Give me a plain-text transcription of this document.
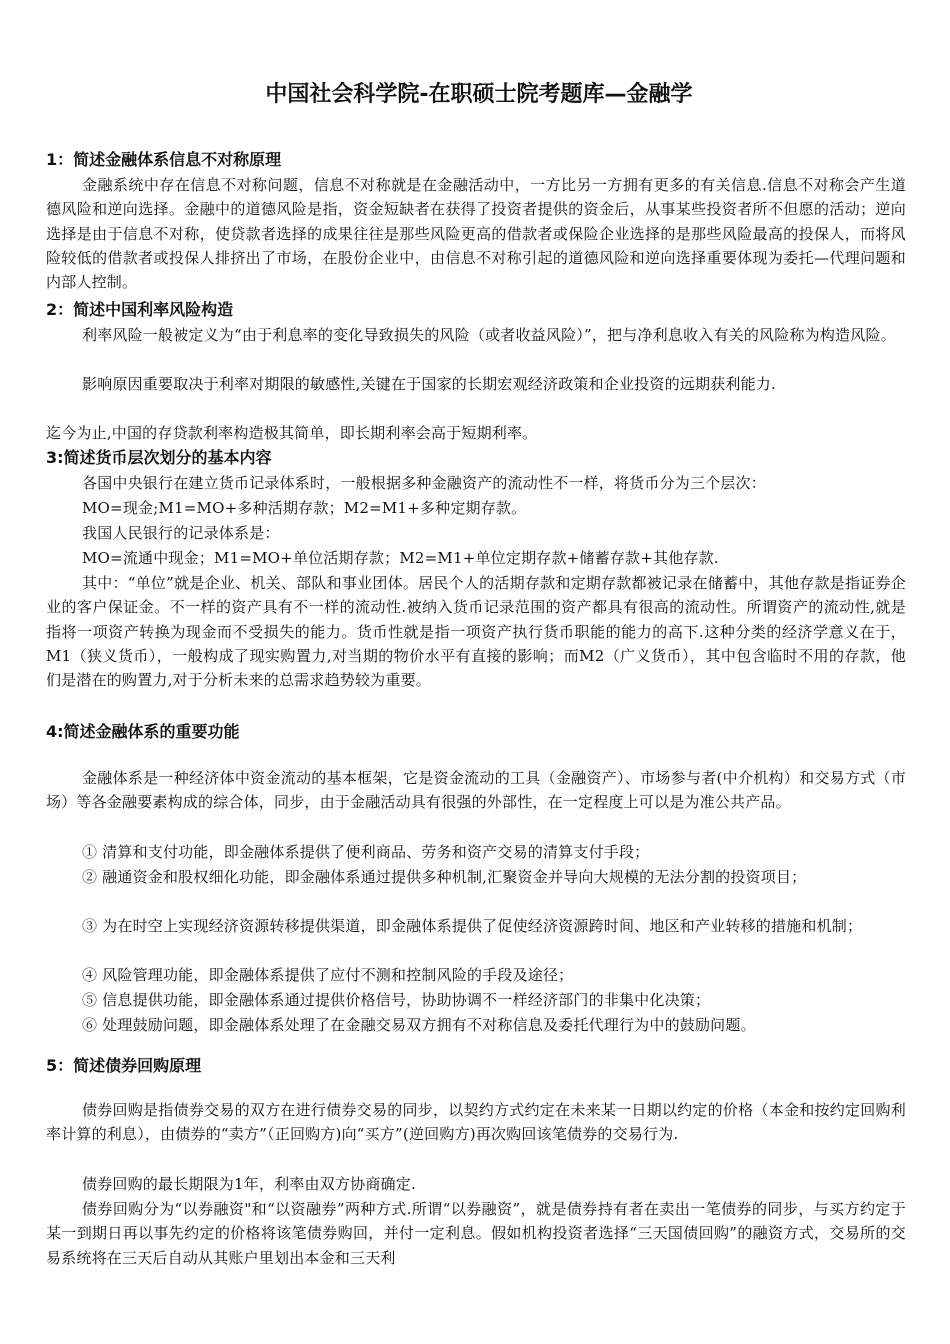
中国社会科学院-在职硕士院考题库—金融学
1：简述金融体系信息不对称原理
金融系统中存在信息不对称问题，信息不对称就是在金融活动中，一方比另一方拥有更多的有关信息.信息不对称会产生道德风险和逆向选择。金融中的道德风险是指，资金短缺者在获得了投资者提供的资金后，从事某些投资者所不但愿的活动；逆向选择是由于信息不对称，使贷款者选择的成果往往是那些风险更高的借款者或保险企业选择的是那些风险最高的投保人，而将风险较低的借款者或投保人排挤出了市场，在股份企业中，由信息不对称引起的道德风险和逆向选择重要体现为委托—代理问题和内部人控制。
2：简述中国利率风险构造
利率风险一般被定义为“由于利息率的变化导致损失的风险（或者收益风险）”，把与净利息收入有关的风险称为构造风险。
影响原因重要取决于利率对期限的敏感性,关键在于国家的长期宏观经济政策和企业投资的远期获利能力.
迄今为止,中国的存贷款利率构造极其简单，即长期利率会高于短期利率。
3:简述货币层次划分的基本内容
各国中央银行在建立货币记录体系时，一般根据多种金融资产的流动性不一样，将货币分为三个层次：
MO=现金;M1=MO+多种活期存款；M2=M1+多种定期存款。
我国人民银行的记录体系是：
MO=流通中现金；M1=MO+单位活期存款；M2=M1+单位定期存款+储蓄存款+其他存款.
其中：“单位”就是企业、机关、部队和事业团体。居民个人的活期存款和定期存款都被记录在储蓄中，其他存款是指证券企业的客户保证金。不一样的资产具有不一样的流动性.被纳入货币记录范围的资产都具有很高的流动性。所谓资产的流动性,就是指将一项资产转换为现金而不受损失的能力。货币性就是指一项资产执行货币职能的能力的高下.这种分类的经济学意义在于，M1（狭义货币），一般构成了现实购置力,对当期的物价水平有直接的影响；而M2（广义货币），其中包含临时不用的存款，他们是潜在的购置力,对于分析未来的总需求趋势较为重要。
4:简述金融体系的重要功能
金融体系是一种经济体中资金流动的基本框架，它是资金流动的工具（金融资产）、市场参与者(中介机构）和交易方式（市场）等各金融要素构成的综合体，同步，由于金融活动具有很强的外部性，在一定程度上可以是为准公共产品。
① 清算和支付功能，即金融体系提供了便利商品、劳务和资产交易的清算支付手段；
② 融通资金和股权细化功能，即金融体系通过提供多种机制,汇聚资金并导向大规模的无法分割的投资项目；
③ 为在时空上实现经济资源转移提供渠道，即金融体系提供了促使经济资源跨时间、地区和产业转移的措施和机制；
④ 风险管理功能，即金融体系提供了应付不测和控制风险的手段及途径；
⑤ 信息提供功能，即金融体系通过提供价格信号，协助协调不一样经济部门的非集中化决策；
⑥ 处理鼓励问题，即金融体系处理了在金融交易双方拥有不对称信息及委托代理行为中的鼓励问题。
5：简述债券回购原理
债券回购是指债券交易的双方在进行债券交易的同步，以契约方式约定在未来某一日期以约定的价格（本金和按约定回购利率计算的利息），由债券的“卖方”（正回购方)向“买方”(逆回购方)再次购回该笔债券的交易行为.
债券回购的最长期限为1年，利率由双方协商确定.
债券回购分为“以券融资"和“以资融券”两种方式.所谓“以券融资”，就是债券持有者在卖出一笔债券的同步，与买方约定于某一到期日再以事先约定的价格将该笔债券购回，并付一定利息。假如机构投资者选择“三天国债回购”的融资方式，交易所的交易系统将在三天后自动从其账户里划出本金和三天利
